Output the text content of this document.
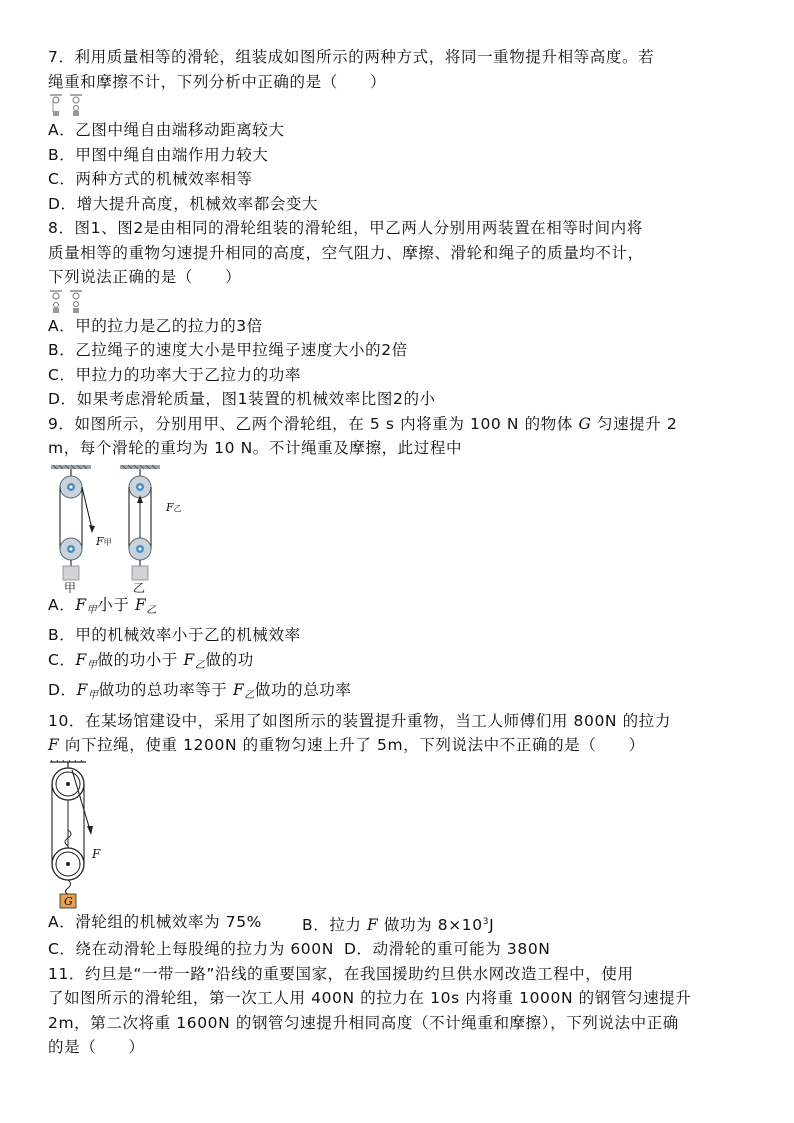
7．利用质量相等的滑轮，组装成如图所示的两种方式，将同一重物提升相等高度。若
绳重和摩擦不计，下列分析中正确的是（　　）
A．乙图中绳自由端移动距离较大
B．甲图中绳自由端作用力较大
C．两种方式的机械效率相等
D．增大提升高度，机械效率都会变大
8．图1、图2是由相同的滑轮组装的滑轮组，甲乙两人分别用两装置在相等时间内将
质量相等的重物匀速提升相同的高度，空气阻力、摩擦、滑轮和绳子的质量均不计，
下列说法正确的是（　　）
A．甲的拉力是乙的拉力的3倍
B．乙拉绳子的速度大小是甲拉绳子速度大小的2倍
C．甲拉力的功率大于乙拉力的功率
D．如果考虑滑轮质量，图1装置的机械效率比图2的小
9．如图所示，分别用甲、乙两个滑轮组，在 5 s 内将重为 100 N 的物体 G 匀速提升 2
m，每个滑轮的重均为 10 N。不计绳重及摩擦，此过程中
F甲
甲
F乙
乙
A．$F_甲$小于 $F_乙$
B．甲的机械效率小于乙的机械效率
C．$F_甲$做的功小于 $F_乙$做的功
D．$F_甲$做功的总功率等于 $F_乙$做功的总功率
10．在某场馆建设中，采用了如图所示的装置提升重物，当工人师傅们用 800N 的拉力
F 向下拉绳，使重 1200N 的重物匀速上升了 5m，下列说法中不正确的是（　　）
F
G
A．滑轮组的机械效率为 75%	B．拉力 F 做功为 $8\times 10^3J$
C．绕在动滑轮上每股绳的拉力为 600N D．动滑轮的重可能为 380N
11．约旦是“一带一路”沿线的重要国家，在我国援助约旦供水网改造工程中，使用
了如图所示的滑轮组，第一次工人用 400N 的拉力在 10s 内将重 1000N 的钢管匀速提升
2m，第二次将重 1600N 的钢管匀速提升相同高度（不计绳重和摩擦），下列说法中正确
的是（　　）
